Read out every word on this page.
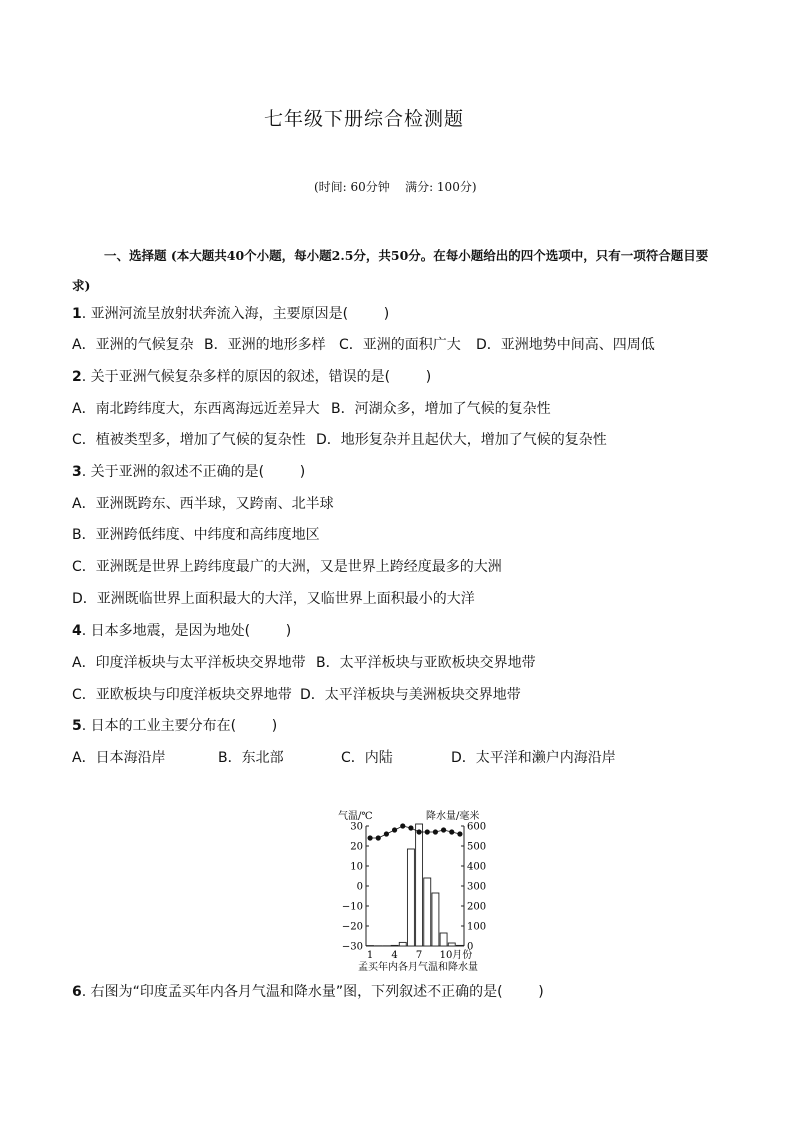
七年级下册综合检测题
(时间: 60分钟    满分: 100分)
一、选择题 (本大题共40个小题，每小题2.5分，共50分。在每小题给出的四个选项中，只有一项符合题目要求)
1. 亚洲河流呈放射状奔流入海，主要原因是(        )
A．亚洲的气候复杂 B．亚洲的地形多样 C．亚洲的面积广大 D．亚洲地势中间高、四周低
2. 关于亚洲气候复杂多样的原因的叙述，错误的是(        )
A．南北跨纬度大，东西离海远近差异大 B．河湖众多，增加了气候的复杂性
C．植被类型多，增加了气候的复杂性 D．地形复杂并且起伏大，增加了气候的复杂性
3. 关于亚洲的叙述不正确的是(        )
A．亚洲既跨东、西半球，又跨南、北半球
B．亚洲跨低纬度、中纬度和高纬度地区
C．亚洲既是世界上跨纬度最广的大洲，又是世界上跨经度最多的大洲
D．亚洲既临世界上面积最大的大洋，又临世界上面积最小的大洋
4. 日本多地震，是因为地处(        )
A．印度洋板块与太平洋板块交界地带 B．太平洋板块与亚欧板块交界地带
C．亚欧板块与印度洋板块交界地带 D．太平洋板块与美洲板块交界地带
5. 日本的工业主要分布在(        )
A．日本海沿岸	B．东北部	C．内陆	D．太平洋和濑户内海沿岸
气温/℃	降水量/毫米
孟买年内各月气温和降水量
30
20
10
0
−10
−20
−30
600
500
400
300
200
100
0
1 4 7 10月份
6. 右图为“印度孟买年内各月气温和降水量”图，下列叙述不正确的是(        )
